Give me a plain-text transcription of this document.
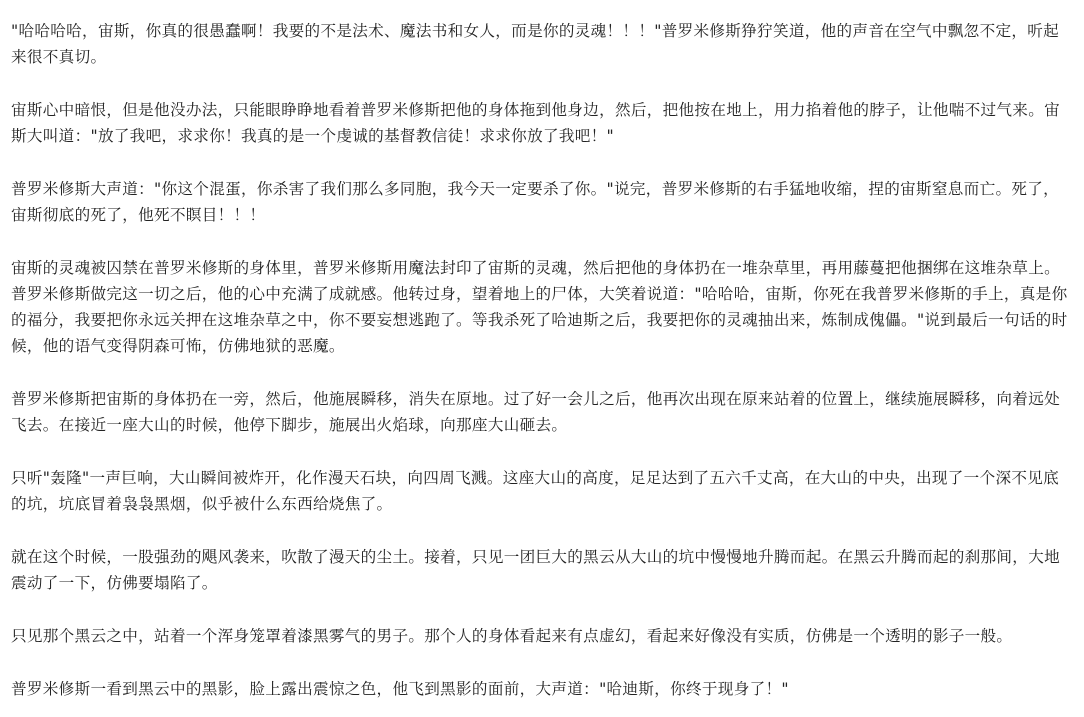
"哈哈哈哈，宙斯，你真的很愚蠢啊！我要的不是法术、魔法书和女人，而是你的灵魂！！！"普罗米修斯狰狞笑道，他的声音在空气中飘忽不定，听起来很不真切。

宙斯心中暗恨，但是他没办法，只能眼睁睁地看着普罗米修斯把他的身体拖到他身边，然后，把他按在地上，用力掐着他的脖子，让他喘不过气来。宙斯大叫道："放了我吧，求求你！我真的是一个虔诚的基督教信徒！求求你放了我吧！"

普罗米修斯大声道："你这个混蛋，你杀害了我们那么多同胞，我今天一定要杀了你。"说完，普罗米修斯的右手猛地收缩，捏的宙斯窒息而亡。死了，宙斯彻底的死了，他死不瞑目！！！

宙斯的灵魂被囚禁在普罗米修斯的身体里，普罗米修斯用魔法封印了宙斯的灵魂，然后把他的身体扔在一堆杂草里，再用藤蔓把他捆绑在这堆杂草上。普罗米修斯做完这一切之后，他的心中充满了成就感。他转过身，望着地上的尸体，大笑着说道："哈哈哈，宙斯，你死在我普罗米修斯的手上，真是你的福分，我要把你永远关押在这堆杂草之中，你不要妄想逃跑了。等我杀死了哈迪斯之后，我要把你的灵魂抽出来，炼制成傀儡。"说到最后一句话的时候，他的语气变得阴森可怖，仿佛地狱的恶魔。

普罗米修斯把宙斯的身体扔在一旁，然后，他施展瞬移，消失在原地。过了好一会儿之后，他再次出现在原来站着的位置上，继续施展瞬移，向着远处飞去。在接近一座大山的时候，他停下脚步，施展出火焰球，向那座大山砸去。

只听"轰隆"一声巨响，大山瞬间被炸开，化作漫天石块，向四周飞溅。这座大山的高度，足足达到了五六千丈高，在大山的中央，出现了一个深不见底的坑，坑底冒着袅袅黑烟，似乎被什么东西给烧焦了。

就在这个时候，一股强劲的飓风袭来，吹散了漫天的尘土。接着，只见一团巨大的黑云从大山的坑中慢慢地升腾而起。在黑云升腾而起的刹那间，大地震动了一下，仿佛要塌陷了。

只见那个黑云之中，站着一个浑身笼罩着漆黑雾气的男子。那个人的身体看起来有点虚幻，看起来好像没有实质，仿佛是一个透明的影子一般。

普罗米修斯一看到黑云中的黑影，脸上露出震惊之色，他飞到黑影的面前，大声道："哈迪斯，你终于现身了！"
